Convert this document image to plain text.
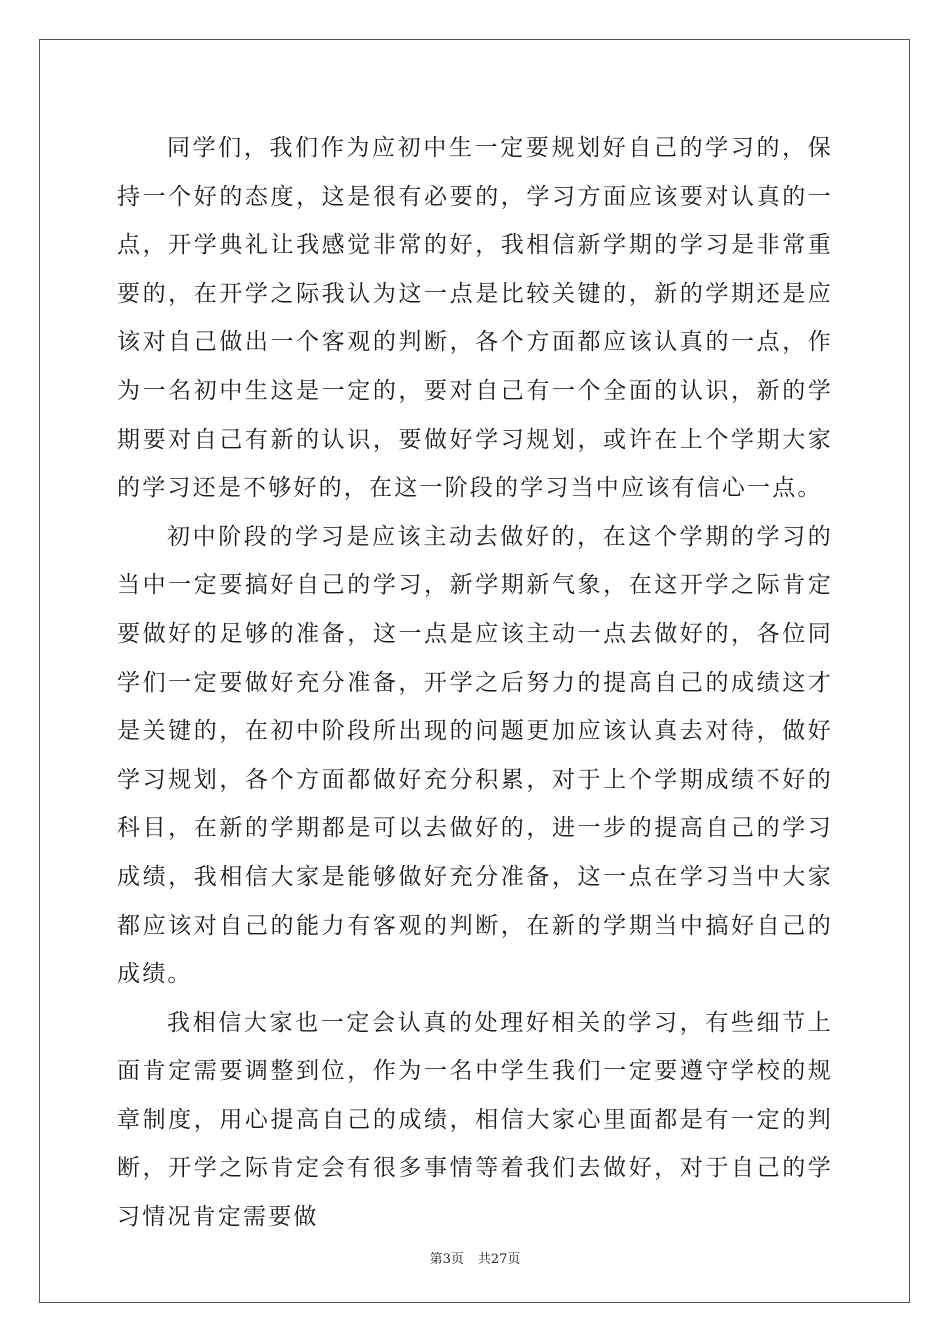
同学们，我们作为应初中生一定要规划好自己的学习的，保持一个好的态度，这是很有必要的，学习方面应该要对认真的一点，开学典礼让我感觉非常的好，我相信新学期的学习是非常重要的，在开学之际我认为这一点是比较关键的，新的学期还是应该对自己做出一个客观的判断，各个方面都应该认真的一点，作为一名初中生这是一定的，要对自己有一个全面的认识，新的学期要对自己有新的认识，要做好学习规划，或许在上个学期大家的学习还是不够好的，在这一阶段的学习当中应该有信心一点。

初中阶段的学习是应该主动去做好的，在这个学期的学习的当中一定要搞好自己的学习，新学期新气象，在这开学之际肯定要做好的足够的准备，这一点是应该主动一点去做好的，各位同学们一定要做好充分准备，开学之后努力的提高自己的成绩这才是关键的，在初中阶段所出现的问题更加应该认真去对待，做好学习规划，各个方面都做好充分积累，对于上个学期成绩不好的科目，在新的学期都是可以去做好的，进一步的提高自己的学习成绩，我相信大家是能够做好充分准备，这一点在学习当中大家都应该对自己的能力有客观的判断，在新的学期当中搞好自己的成绩。

我相信大家也一定会认真的处理好相关的学习，有些细节上面肯定需要调整到位，作为一名中学生我们一定要遵守学校的规章制度，用心提高自己的成绩，相信大家心里面都是有一定的判断，开学之际肯定会有很多事情等着我们去做好，对于自己的学习情况肯定需要做

第3页 共27页
